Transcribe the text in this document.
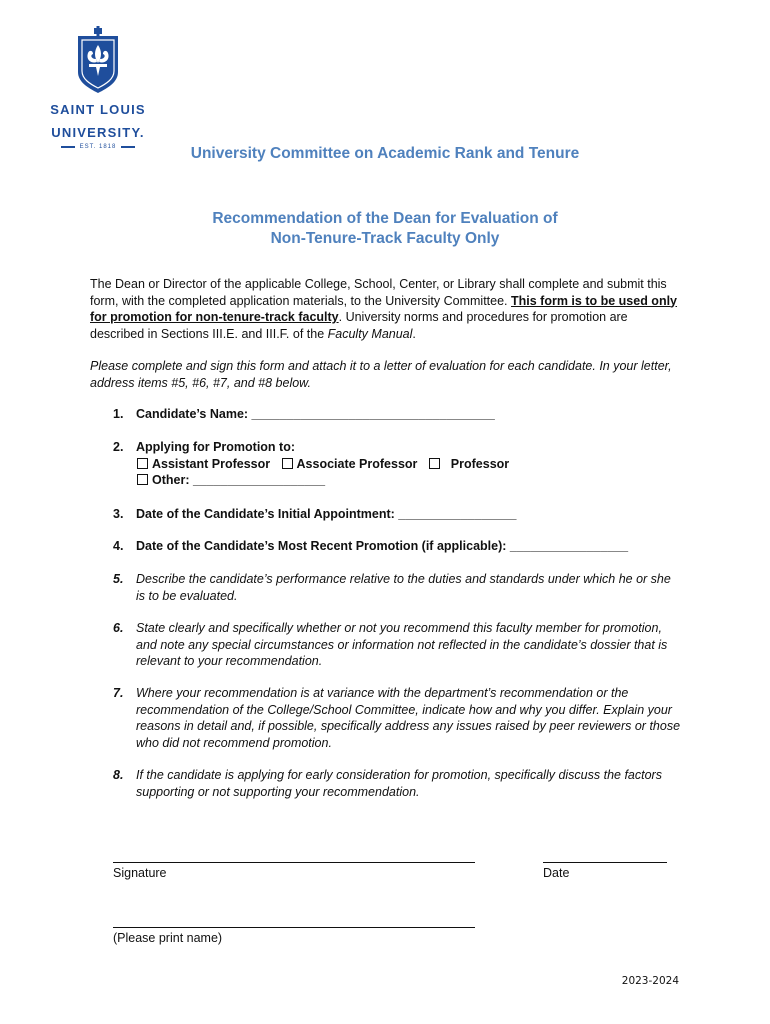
SAINT LOUIS
UNIVERSITY.
EST. 1818	University Committee on Academic Rank and Tenure
Recommendation of the Dean for Evaluation of
Non-Tenure-Track Faculty Only
The Dean or Director of the applicable College, School, Center, or Library shall complete and submit this form, with the completed application materials, to the University Committee. This form is to be used only for promotion for non-tenure-track faculty. University norms and procedures for promotion are described in Sections III.E. and III.F. of the Faculty Manual.
Please complete and sign this form and attach it to a letter of evaluation for each candidate. In your letter, address items #5, #6, #7, and #8 below.
1. Candidate’s Name: ___________________________________
2. Applying for Promotion to:
Assistant Professor Associate Professor	Professor
Other: ___________________
3. Date of the Candidate’s Initial Appointment: _________________
4. Date of the Candidate’s Most Recent Promotion (if applicable): _________________
5. Describe the candidate’s performance relative to the duties and standards under which he or she is to be evaluated.
6. State clearly and specifically whether or not you recommend this faculty member for promotion, and note any special circumstances or information not reflected in the candidate’s dossier that is relevant to your recommendation.
7. Where your recommendation is at variance with the department’s recommendation or the recommendation of the College/School Committee, indicate how and why you differ. Explain your reasons in detail and, if possible, specifically address any issues raised by peer reviewers or those who did not recommend promotion.
8. If the candidate is applying for early consideration for promotion, specifically discuss the factors supporting or not supporting your recommendation.
Signature	Date
(Please print name)
2023-2024
